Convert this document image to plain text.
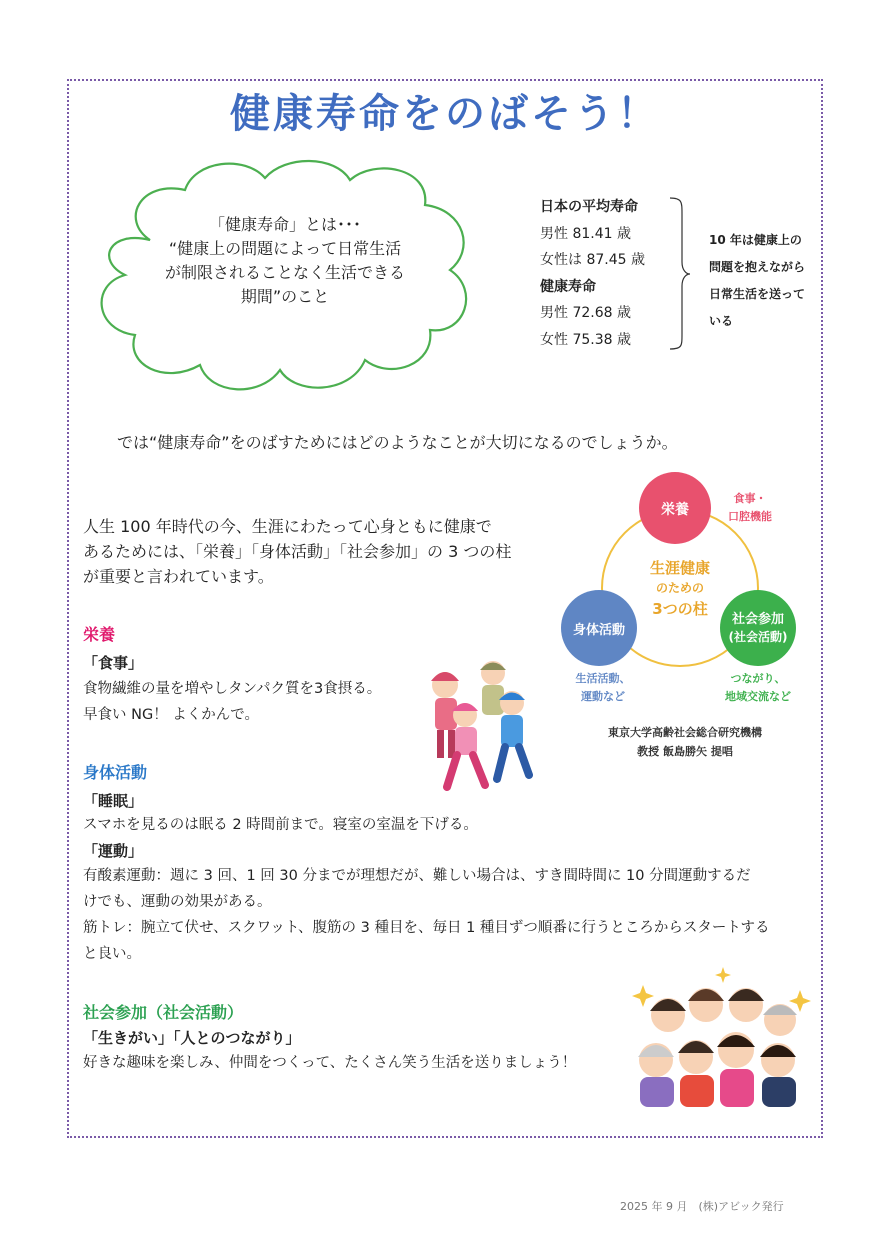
健康寿命をのばそう！
「健康寿命」とは･･･
“健康上の問題によって日常生活
が制限されることなく生活できる
期間”のこと
日本の平均寿命
男性 81.41 歳
女性は 87.45 歳
健康寿命
男性 72.68 歳
女性 75.38 歳
10 年は健康上の
問題を抱えながら
日常生活を送って
いる
では“健康寿命”をのばすためにはどのようなことが大切になるのでしょうか。
人生 100 年時代の今、生涯にわたって心身ともに健康で
あるためには、「栄養」「身体活動」「社会参加」の 3 つの柱
が重要と言われています。	生涯健康
のための
3つの柱
栄養
食事・
口腔機能
身体活動
生活活動、
運動など
社会参加
(社会活動)
つながり、
地域交流など
東京大学高齢社会総合研究機構
教授 飯島勝矢 提唱
栄養
「食事」
食物繊維の量を増やしタンパク質を3食摂る。
早食い NG！ よくかんで。
身体活動
「睡眠」
スマホを見るのは眠る 2 時間前まで。寝室の室温を下げる。
「運動」
有酸素運動：週に 3 回、1 回 30 分までが理想だが、難しい場合は、すき間時間に 10 分間運動するだ
けでも、運動の効果がある。
筋トレ：腕立て伏せ、スクワット、腹筋の 3 種目を、毎日 1 種目ずつ順番に行うところからスタートする
と良い。
社会参加（社会活動）
「生きがい」「人とのつながり」
好きな趣味を楽しみ、仲間をつくって、たくさん笑う生活を送りましょう！
2025 年 9 月　(株)アビック発行
